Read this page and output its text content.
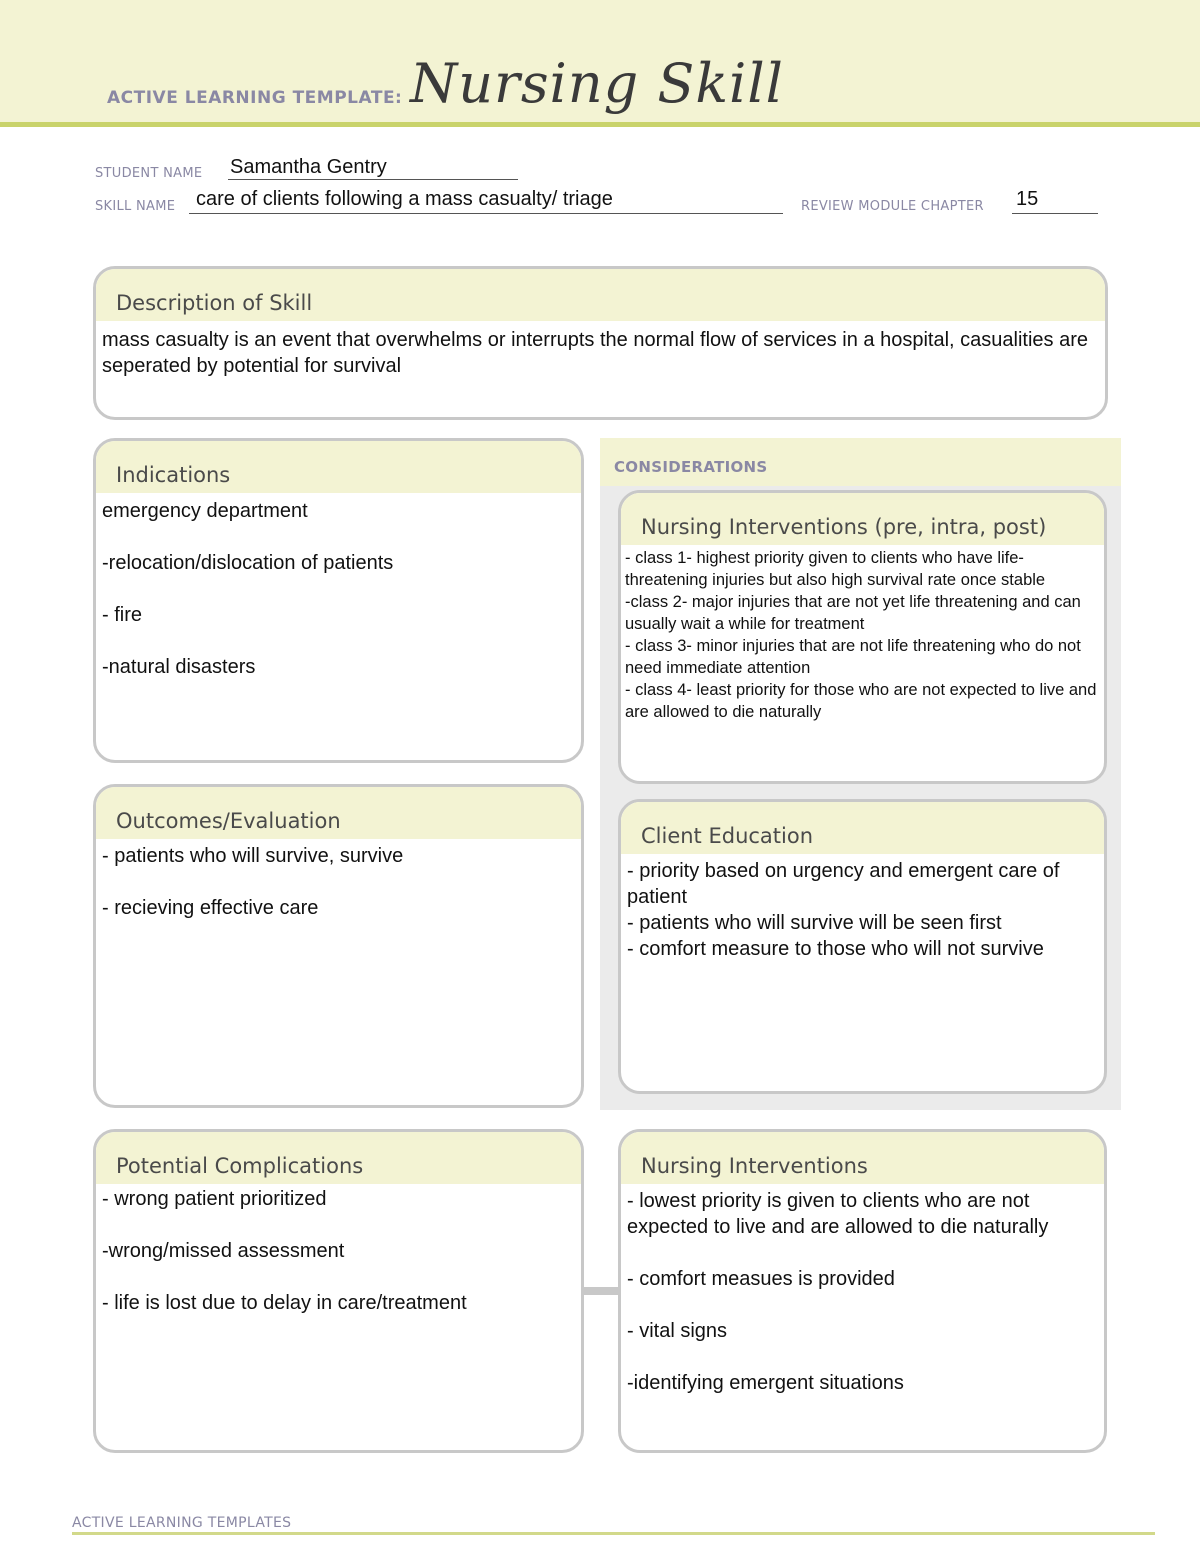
ACTIVE LEARNING TEMPLATE: Nursing Skill
STUDENT NAME Samantha Gentry
SKILL NAME care of clients following a mass casualty/ triage	REVIEW MODULE CHAPTER 15
Description of Skill
mass casualty is an event that overwhelms or interrupts the normal flow of services in a hospital, casualities are seperated by potential for survival
Indications

emergency department

-relocation/dislocation of patients

- fire

-natural disasters

Outcomes/Evaluation

- patients who will survive, survive

- recieving effective care

CONSIDERATIONS
Nursing Interventions (pre, intra, post)
- class 1- highest priority given to clients who have life-threatening injuries but also high survival rate once stable
-class 2- major injuries that are not yet life threatening and can usually wait a while for treatment
- class 3- minor injuries that are not life threatening who do not need immediate attention
- class 4- least priority for those who are not expected to live and are allowed to die naturally
Client Education
- priority based on urgency and emergent care of patient
- patients who will survive will be seen first
- comfort measure to those who will not survive
Potential Complications

- wrong patient prioritized

-wrong/missed assessment

- life is lost due to delay in care/treatment

Nursing Interventions

- lowest priority is given to clients who are not expected to live and are allowed to die naturally

- comfort measues is provided

- vital signs

-identifying emergent situations

ACTIVE LEARNING TEMPLATES
